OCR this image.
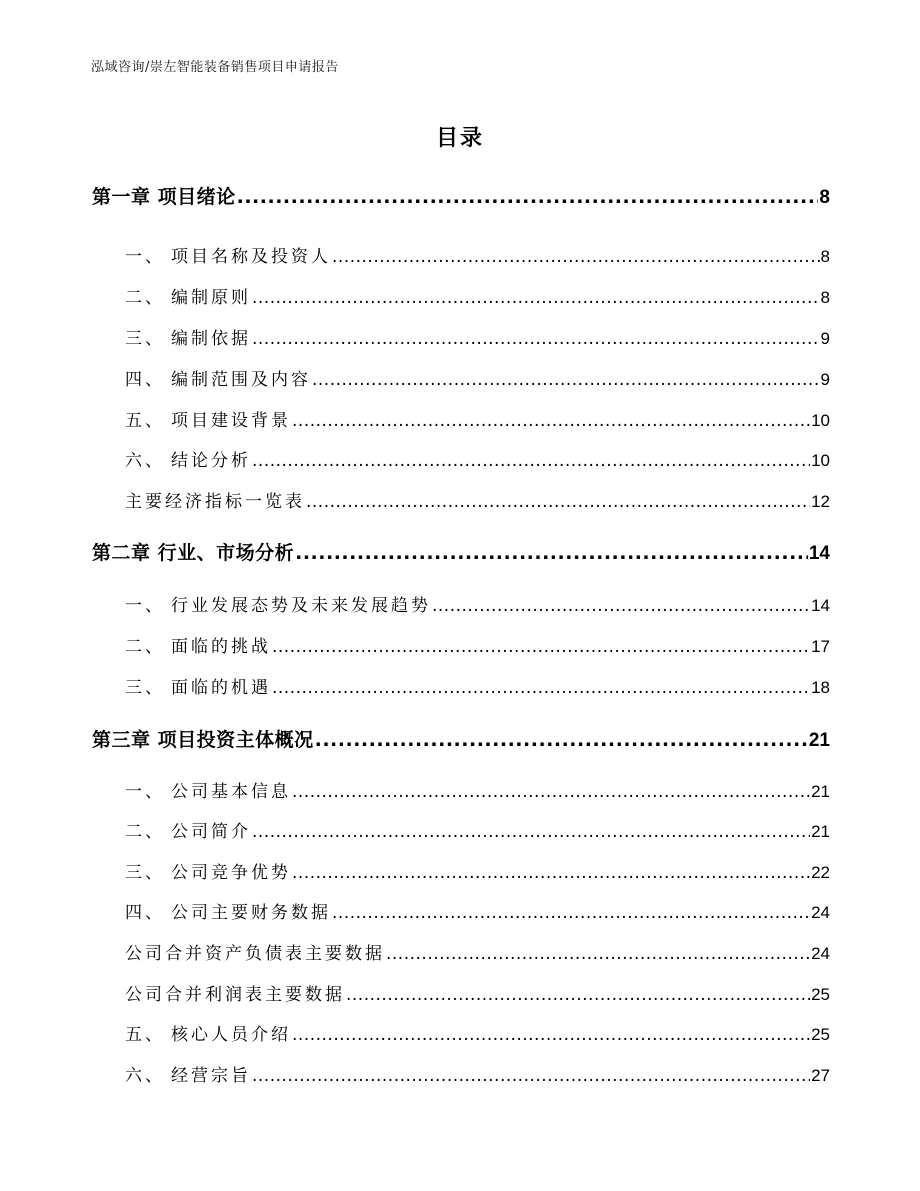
泓域咨询/崇左智能装备销售项目申请报告
目录
第一章 项目绪论 .....	8
一、 项目名称及投资人 .....	8
二、 编制原则 .....	8
三、 编制依据 .....	9
四、 编制范围及内容 .....	9
五、 项目建设背景 .....	10
六、 结论分析 .....	10
主要经济指标一览表 .....	12
第二章 行业、市场分析 .....	14
一、 行业发展态势及未来发展趋势 .....	14
二、 面临的挑战 .....	17
三、 面临的机遇 .....	18
第三章 项目投资主体概况 .....	21
一、 公司基本信息 .....	21
二、 公司简介 .....	21
三、 公司竞争优势 .....	22
四、 公司主要财务数据 .....	24
公司合并资产负债表主要数据 .....	24
公司合并利润表主要数据 .....	25
五、 核心人员介绍 .....	25
六、 经营宗旨 .....	27
